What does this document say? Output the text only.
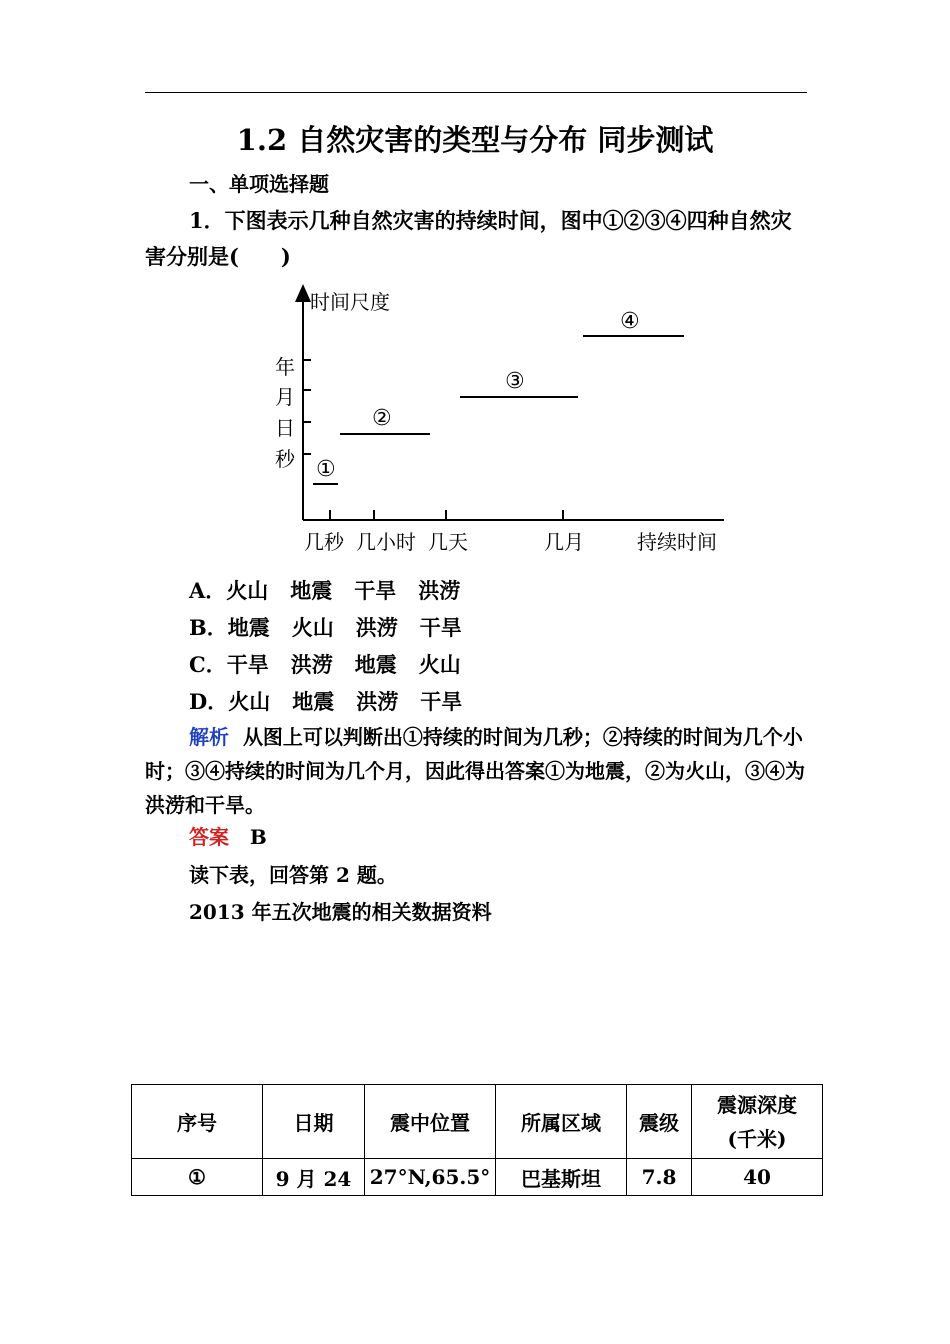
1.2 自然灾害的类型与分布 同步测试
一、单项选择题
1．下图表示几种自然灾害的持续时间，图中①②③④四种自然灾害分别是(　　)
时间尺度
年
月
日
秒
几秒 几小时 几天	几月	持续时间
①
②
③
④
A．火山 地震 干旱 洪涝
B．地震 火山 洪涝 干旱
C．干旱 洪涝 地震 火山
D．火山 地震 洪涝 干旱
解析 从图上可以判断出①持续的时间为几秒；②持续的时间为几个小时；③④持续的时间为几个月，因此得出答案①为地震，②为火山，③④为洪涝和干旱。
答案 B
读下表，回答第 2 题。
2013 年五次地震的相关数据资料
序号	日期	震中位置	所属区域	震级	震源深度
(千米)

①	9 月 24	27°N,65.5°	巴基斯坦	7.8	40
